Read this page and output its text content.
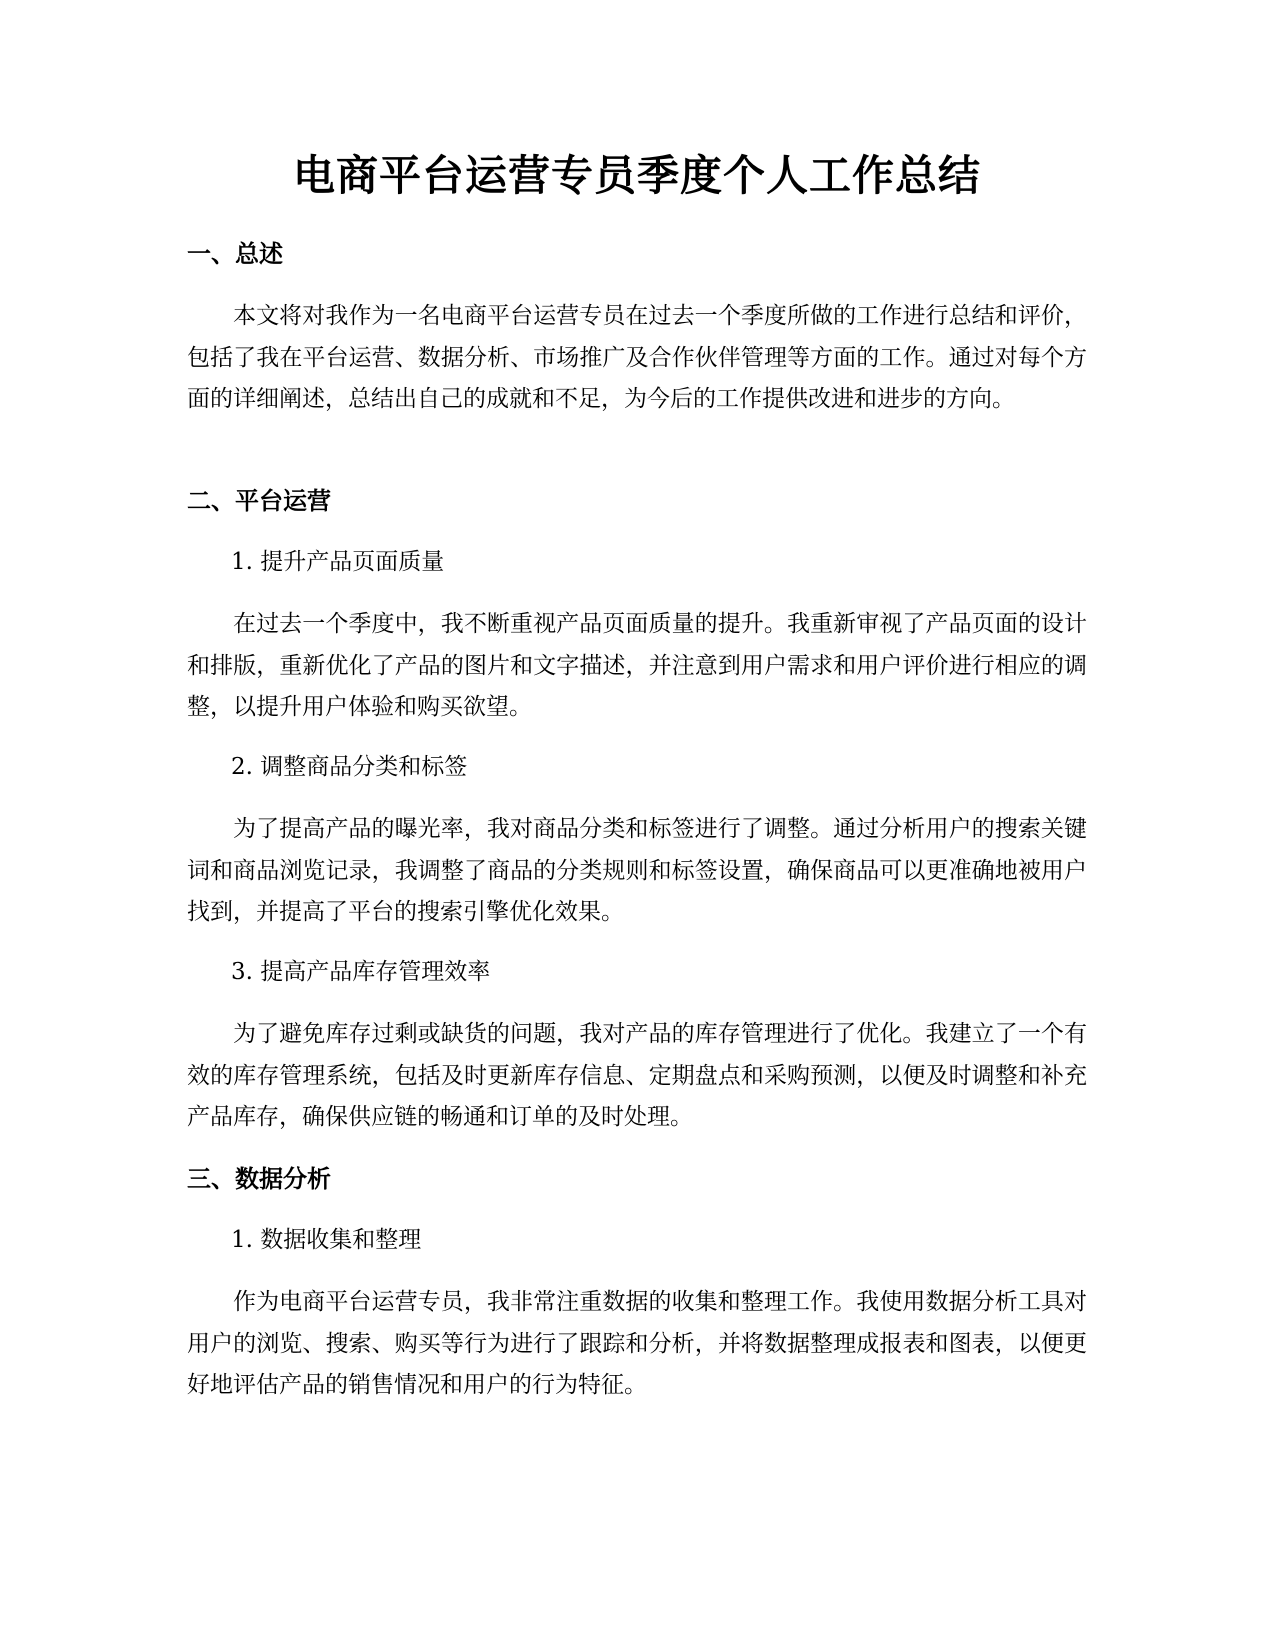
电商平台运营专员季度个人工作总结
一、总述

本文将对我作为一名电商平台运营专员在过去一个季度所做的工作进行总结和评价，包括了我在平台运营、数据分析、市场推广及合作伙伴管理等方面的工作。通过对每个方面的详细阐述，总结出自己的成就和不足，为今后的工作提供改进和进步的方向。

二、平台运营

1. 提升产品页面质量

在过去一个季度中，我不断重视产品页面质量的提升。我重新审视了产品页面的设计和排版，重新优化了产品的图片和文字描述，并注意到用户需求和用户评价进行相应的调整，以提升用户体验和购买欲望。

2. 调整商品分类和标签

为了提高产品的曝光率，我对商品分类和标签进行了调整。通过分析用户的搜索关键词和商品浏览记录，我调整了商品的分类规则和标签设置，确保商品可以更准确地被用户找到，并提高了平台的搜索引擎优化效果。

3. 提高产品库存管理效率

为了避免库存过剩或缺货的问题，我对产品的库存管理进行了优化。我建立了一个有效的库存管理系统，包括及时更新库存信息、定期盘点和采购预测，以便及时调整和补充产品库存，确保供应链的畅通和订单的及时处理。

三、数据分析

1. 数据收集和整理

作为电商平台运营专员，我非常注重数据的收集和整理工作。我使用数据分析工具对用户的浏览、搜索、购买等行为进行了跟踪和分析，并将数据整理成报表和图表，以便更好地评估产品的销售情况和用户的行为特征。
